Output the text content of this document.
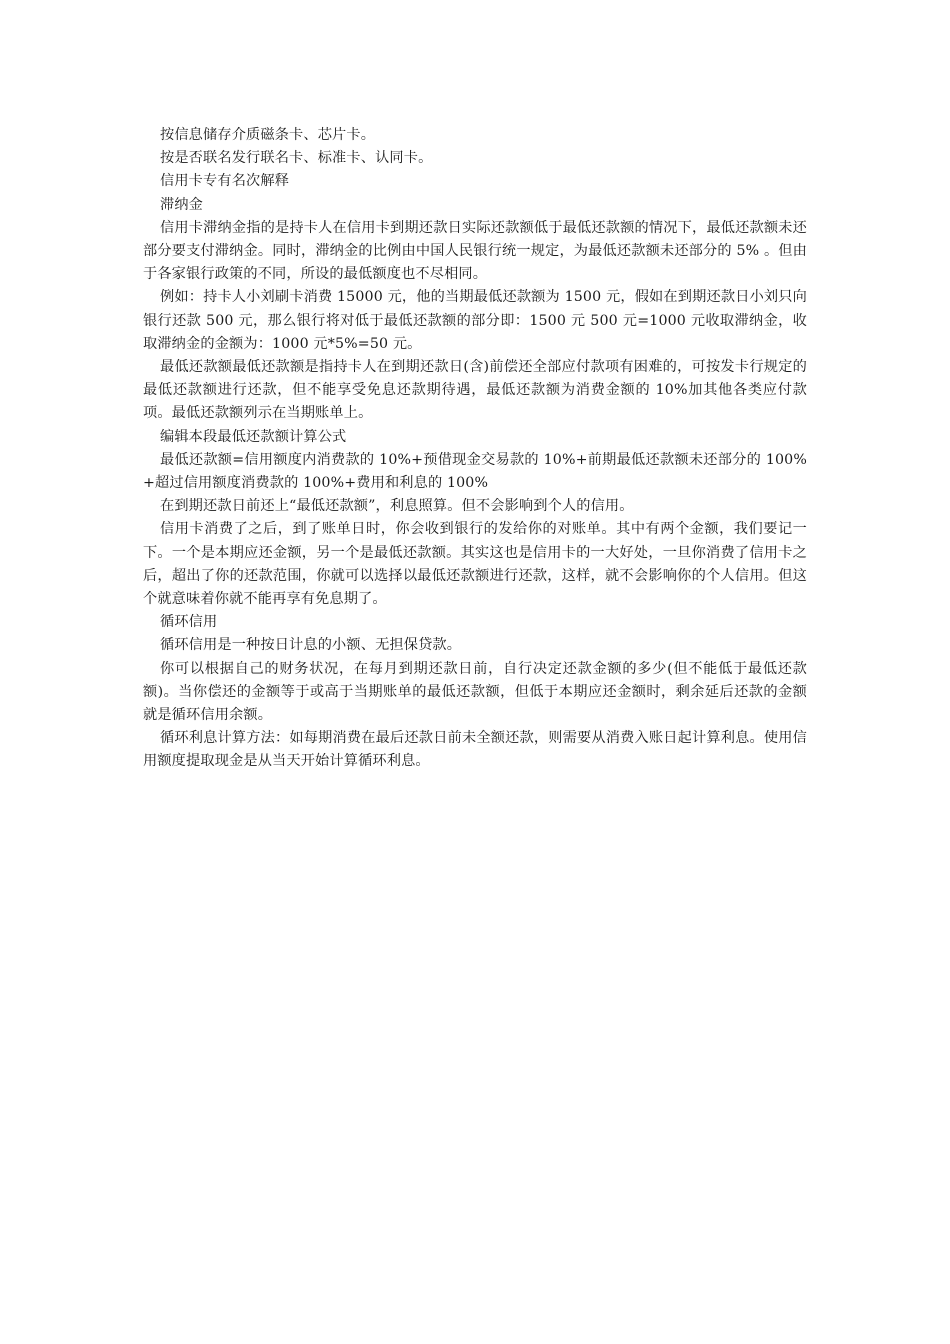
按信息储存介质磁条卡、芯片卡。

按是否联名发行联名卡、标准卡、认同卡。

信用卡专有名次解释

滞纳金

信用卡滞纳金指的是持卡人在信用卡到期还款日实际还款额低于最低还款额的情况下，最低还款额未还部分要支付滞纳金。同时，滞纳金的比例由中国人民银行统一规定，为最低还款额未还部分的 5% 。但由于各家银行政策的不同，所设的最低额度也不尽相同。

例如：持卡人小刘刷卡消费 15000 元，他的当期最低还款额为 1500 元，假如在到期还款日小刘只向银行还款 500 元，那么银行将对低于最低还款额的部分即：1500 元 500 元=1000 元收取滞纳金，收取滞纳金的金额为：1000 元*5%=50 元。

最低还款额最低还款额是指持卡人在到期还款日(含)前偿还全部应付款项有困难的，可按发卡行规定的最低还款额进行还款，但不能享受免息还款期待遇，最低还款额为消费金额的 10%加其他各类应付款项。最低还款额列示在当期账单上。

编辑本段最低还款额计算公式

最低还款额=信用额度内消费款的 10%+预借现金交易款的 10%+前期最低还款额未还部分的 100%+超过信用额度消费款的 100%+费用和利息的 100%

在到期还款日前还上“最低还款额”，利息照算。但不会影响到个人的信用。

信用卡消费了之后，到了账单日时，你会收到银行的发给你的对账单。其中有两个金额，我们要记一下。一个是本期应还金额，另一个是最低还款额。其实这也是信用卡的一大好处，一旦你消费了信用卡之后，超出了你的还款范围，你就可以选择以最低还款额进行还款，这样，就不会影响你的个人信用。但这个就意味着你就不能再享有免息期了。

循环信用

循环信用是一种按日计息的小额、无担保贷款。

你可以根据自己的财务状况，在每月到期还款日前，自行决定还款金额的多少(但不能低于最低还款额)。当你偿还的金额等于或高于当期账单的最低还款额，但低于本期应还金额时，剩余延后还款的金额就是循环信用余额。

循环利息计算方法：如每期消费在最后还款日前未全额还款，则需要从消费入账日起计算利息。使用信用额度提取现金是从当天开始计算循环利息。
